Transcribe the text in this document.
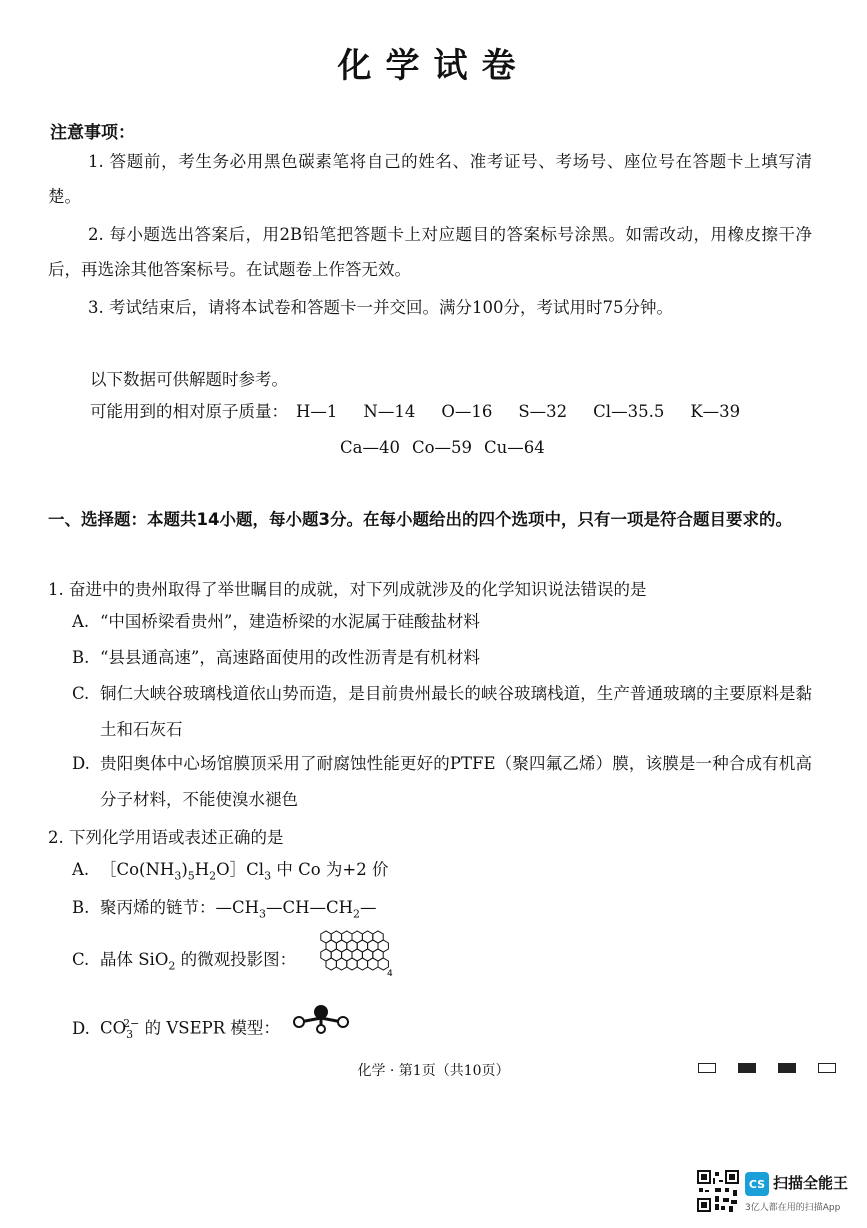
化学试卷
注意事项：
1. 答题前，考生务必用黑色碳素笔将自己的姓名、准考证号、考场号、座位号在答题卡上填写清楚。
2. 每小题选出答案后，用2B铅笔把答题卡上对应题目的答案标号涂黑。如需改动，用橡皮擦干净后，再选涂其他答案标号。在试题卷上作答无效。
3. 考试结束后，请将本试卷和答题卡一并交回。满分100分，考试用时75分钟。
以下数据可供解题时参考。
可能用到的相对原子质量： H—1 N—14 O—16 S—32 Cl—35.5 K—39
Ca—40 Co—59 Cu—64
一、选择题：本题共14小题，每小题3分。在每小题给出的四个选项中，只有一项是符合题目要求的。
1. 奋进中的贵州取得了举世瞩目的成就，对下列成就涉及的化学知识说法错误的是
A. “中国桥梁看贵州”，建造桥梁的水泥属于硅酸盐材料
B. “县县通高速”，高速路面使用的改性沥青是有机材料
C. 铜仁大峡谷玻璃栈道依山势而造，是目前贵州最长的峡谷玻璃栈道，生产普通玻璃的主要原料是黏土和石灰石
D. 贵阳奥体中心场馆膜顶采用了耐腐蚀性能更好的PTFE（聚四氟乙烯）膜，该膜是一种合成有机高分子材料，不能使溴水褪色
2. 下列化学用语或表述正确的是
A. $[Co(NH_3)_5H_2O]Cl_3$ 中 Co 为+2 价
B. 聚丙烯的链节：$—CH_3—CH—CH_2—$
C. 晶体 SiO$_2$ 的微观投影图：
4
D. $CO_3^{2-}$ 的 VSEPR 模型：
化学 · 第1页（共10页）
CS 扫描全能王
3亿人都在用的扫描App
